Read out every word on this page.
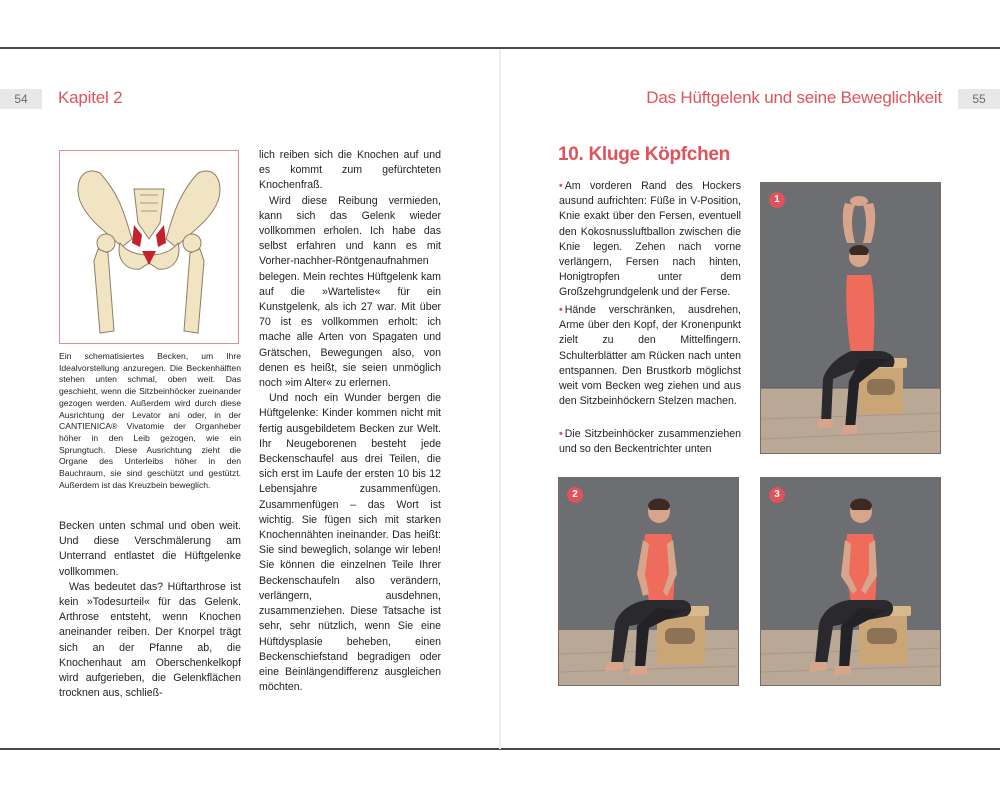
54	Kapitel 2	Das Hüftgelenk und seine Beweglichkeit	55

Ein schematisiertes Becken, um Ihre Idealvorstellung anzuregen. Die Beckenhälften stehen unten schmal, oben weit. Das geschieht, wenn die Sitzbeinhöcker zueinander gezogen werden. Außerdem wird durch diese Ausrichtung der Levator ani oder, in der CANTIENICA® Vivatomie der Organheber höher in den Leib gezogen, wie ein Sprungtuch. Diese Ausrichtung zieht die Organe des Unterleibs höher in den Bauchraum, sie sind geschützt und gestützt. Außerdem ist das Kreuzbein beweglich.

Becken unten schmal und oben weit. Und diese Verschmälerung am Unterrand entlastet die Hüftgelenke vollkommen.

Was bedeutet das? Hüftarthrose ist kein »Todesurteil« für das Gelenk. Arthrose entsteht, wenn Knochen aneinander reiben. Der Knorpel trägt sich an der Pfanne ab, die Knochenhaut am Oberschenkelkopf wird aufgerieben, die Gelenkflächen trocknen aus, schließ-

lich reiben sich die Knochen auf und es kommt zum gefürchteten Knochenfraß.

Wird diese Reibung vermieden, kann sich das Gelenk wieder vollkommen erholen. Ich habe das selbst erfahren und kann es mit Vorher-nachher-Röntgenaufnahmen belegen. Mein rechtes Hüftgelenk kam auf die »Warteliste« für ein Kunstgelenk, als ich 27 war. Mit über 70 ist es vollkommen erholt: ich mache alle Arten von Spagaten und Grätschen, Bewegungen also, von denen es heißt, sie seien unmöglich noch »im Alter« zu erlernen.

Und noch ein Wunder bergen die Hüftgelenke: Kinder kommen nicht mit fertig ausgebildetem Becken zur Welt. Ihr Neugeborenen besteht jede Beckenschaufel aus drei Teilen, die sich erst im Laufe der ersten 10 bis 12 Lebensjahre zusammenfügen. Zusammenfügen – das Wort ist wichtig. Sie fügen sich mit starken Knochennähten ineinander. Das heißt: Sie sind beweglich, solange wir leben! Sie können die einzelnen Teile Ihrer Beckenschaufeln also verändern, verlängern, ausdehnen, zusammenziehen. Diese Tatsache ist sehr, sehr nützlich, wenn Sie eine Hüftdysplasie beheben, einen Beckenschiefstand begradigen oder eine Beinlängendifferenz ausgleichen möchten.

10. Kluge Köpfchen

• Am vorderen Rand des Hockers ausund aufrichten: Füße in V-Position, Knie exakt über den Fersen, eventuell den Kokosnussluftballon zwischen die Knie legen. Zehen nach vorne verlängern, Fersen nach hinten, Honigtropfen unter dem Großzehgrundgelenk und der Ferse.

• Hände verschränken, ausdrehen, Arme über den Kopf, der Kronenpunkt zielt zu den Mittelfingern. Schulterblätter am Rücken nach unten entspannen. Den Brustkorb möglichst weit vom Becken weg ziehen und aus den Sitzbeinhöckern Stelzen machen.

• Die Sitzbeinhöcker zusammenziehen und so den Beckentrichter unten

1
2	3
